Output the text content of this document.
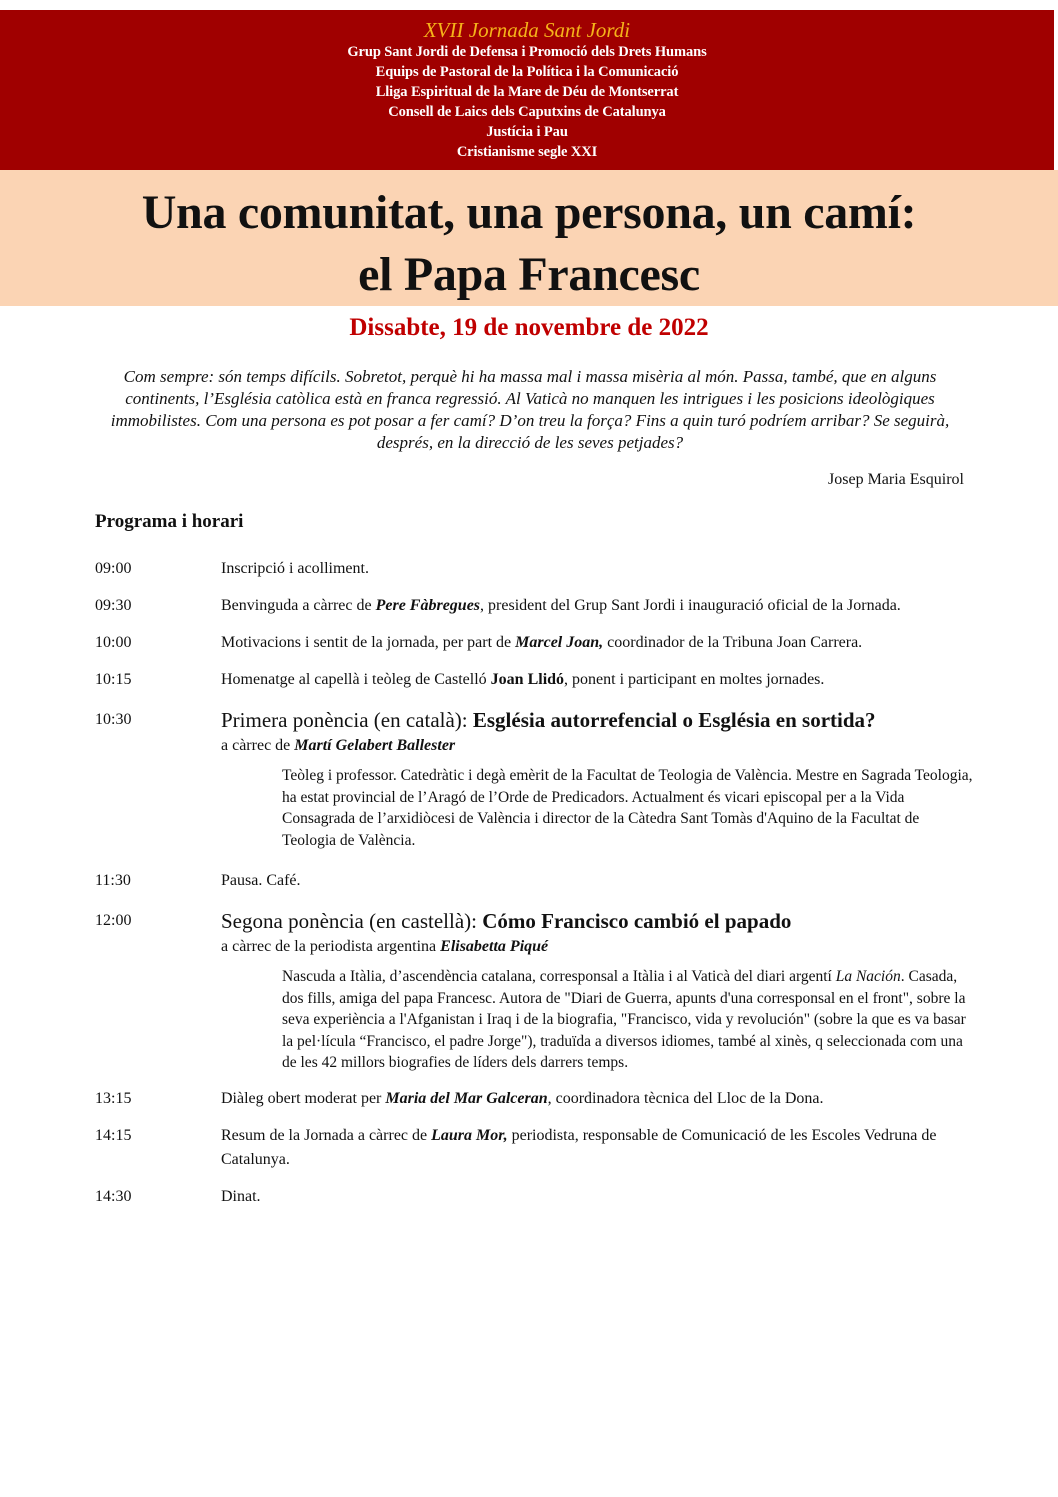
XVII Jornada Sant Jordi
Grup Sant Jordi de Defensa i Promoció dels Drets Humans
Equips de Pastoral de la Política i la Comunicació
Lliga Espiritual de la Mare de Déu de Montserrat
Consell de Laics dels Caputxins de Catalunya
Justícia i Pau
Cristianisme segle XXI
Una comunitat, una persona, un camí:
el Papa Francesc
Dissabte, 19 de novembre de 2022
Com sempre: són temps difícils. Sobretot, perquè hi ha massa mal i massa misèria al món. Passa, també, que en alguns continents, l’Església catòlica està en franca regressió. Al Vaticà no manquen les intrigues i les posicions ideològiques immobilistes. Com una persona es pot posar a fer camí? D’on treu la força? Fins a quin turó podríem arribar? Se seguirà, després, en la direcció de les seves petjades?
Josep Maria Esquirol
Programa i horari
09:00	Inscripció i acolliment.
09:30	Benvinguda a càrrec de Pere Fàbregues, president del Grup Sant Jordi i inauguració oficial de la Jornada.
10:00	Motivacions i sentit de la jornada, per part de Marcel Joan, coordinador de la Tribuna Joan Carrera.
10:15	Homenatge al capellà i teòleg de Castelló Joan Llidó, ponent i participant en moltes jornades.
10:30	Primera ponència (en català): Església autorrefencial o Església en sortida?
a càrrec de Martí Gelabert Ballester
Teòleg i professor. Catedràtic i degà emèrit de la Facultat de Teologia de València. Mestre en Sagrada Teologia, ha estat provincial de l’Aragó de l’Orde de Predicadors. Actualment és vicari episcopal per a la Vida Consagrada de l’arxidiòcesi de València i director de la Càtedra Sant Tomàs d'Aquino de la Facultat de Teologia de València.
11:30	Pausa. Café.
12:00	Segona ponència (en castellà): Cómo Francisco cambió el papado
a càrrec de la periodista argentina Elisabetta Piqué
Nascuda a Itàlia, d’ascendència catalana, corresponsal a Itàlia i al Vaticà del diari argentí La Nación. Casada, dos fills, amiga del papa Francesc. Autora de "Diari de Guerra, apunts d'una corresponsal en el front", sobre la seva experiència a l'Afganistan i Iraq i de la biografia, "Francisco, vida y revolución" (sobre la que es va basar la pel·lícula “Francisco, el padre Jorge"), traduïda a diversos idiomes, també al xinès, q seleccionada com una de les 42 millors biografies de líders dels darrers temps.
13:15	Diàleg obert moderat per Maria del Mar Galceran, coordinadora tècnica del Lloc de la Dona.
14:15	Resum de la Jornada a càrrec de Laura Mor, periodista, responsable de Comunicació de les Escoles Vedruna de Catalunya.
14:30	Dinat.
